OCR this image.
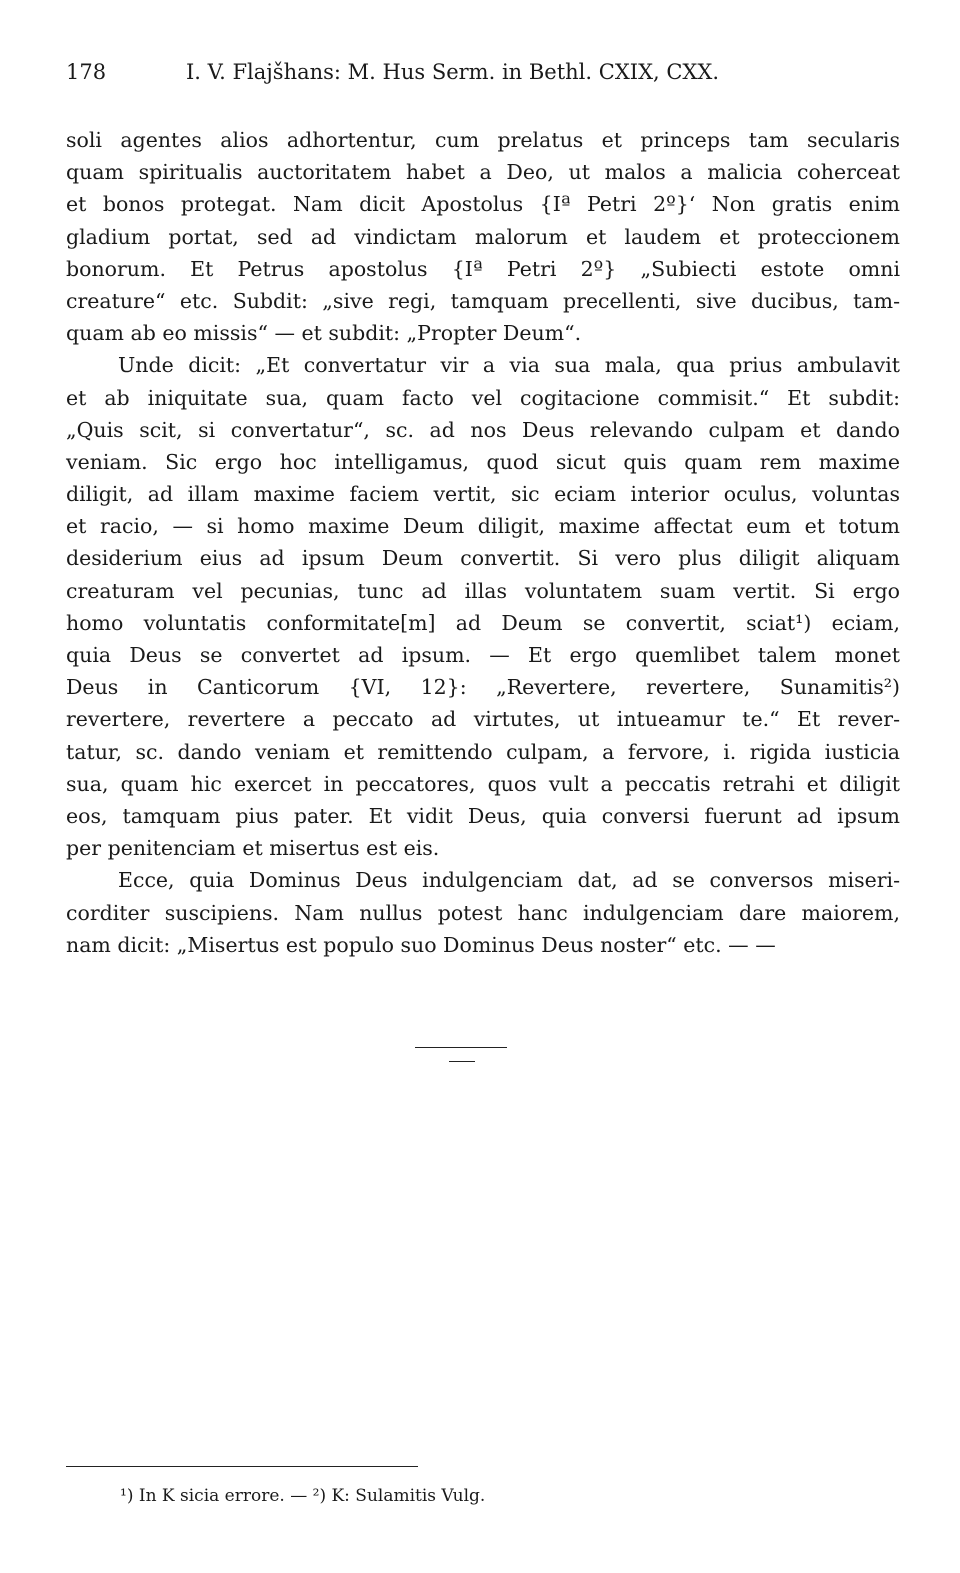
178	I. V. Flajšhans: M. Hus Serm. in Bethl. CXIX, CXX.
soli agentes alios adhortentur, cum prelatus et princeps tam secularis
quam spiritualis auctoritatem habet a Deo, ut malos a malicia coherceat
et bonos protegat. Nam dicit Apostolus {Iª Petri 2º}‘ Non gratis enim
gladium portat, sed ad vindictam malorum et laudem et proteccionem
bonorum. Et Petrus apostolus {Iª Petri 2º} „Subiecti estote omni
creature“ etc. Subdit: „sive regi, tamquam precellenti, sive ducibus, tam-
quam ab eo missis“ — et subdit: „Propter Deum“.
Unde dicit: „Et convertatur vir a via sua mala, qua prius ambulavit
et ab iniquitate sua, quam facto vel cogitacione commisit.“ Et subdit:
„Quis scit, si convertatur“, sc. ad nos Deus relevando culpam et dando
veniam. Sic ergo hoc intelligamus, quod sicut quis quam rem maxime
diligit, ad illam maxime faciem vertit, sic eciam interior oculus, voluntas
et racio, — si homo maxime Deum diligit, maxime affectat eum et totum
desiderium eius ad ipsum Deum convertit. Si vero plus diligit aliquam
creaturam vel pecunias, tunc ad illas voluntatem suam vertit. Si ergo
homo voluntatis conformitate[m] ad Deum se convertit, sciat¹) eciam,
quia Deus se convertet ad ipsum. — Et ergo quemlibet talem monet
Deus in Canticorum {VI, 12}: „Revertere, revertere, Sunamitis²)
revertere, revertere a peccato ad virtutes, ut intueamur te.“ Et rever-
tatur, sc. dando veniam et remittendo culpam, a fervore, i. rigida iusticia
sua, quam hic exercet in peccatores, quos vult a peccatis retrahi et diligit
eos, tamquam pius pater. Et vidit Deus, quia conversi fuerunt ad ipsum
per penitenciam et misertus est eis.
Ecce, quia Dominus Deus indulgenciam dat, ad se conversos miseri-
corditer suscipiens. Nam nullus potest hanc indulgenciam dare maiorem,
nam dicit: „Misertus est populo suo Dominus Deus noster“ etc. — —
¹) In K sicia errore. — ²) K: Sulamitis Vulg.
